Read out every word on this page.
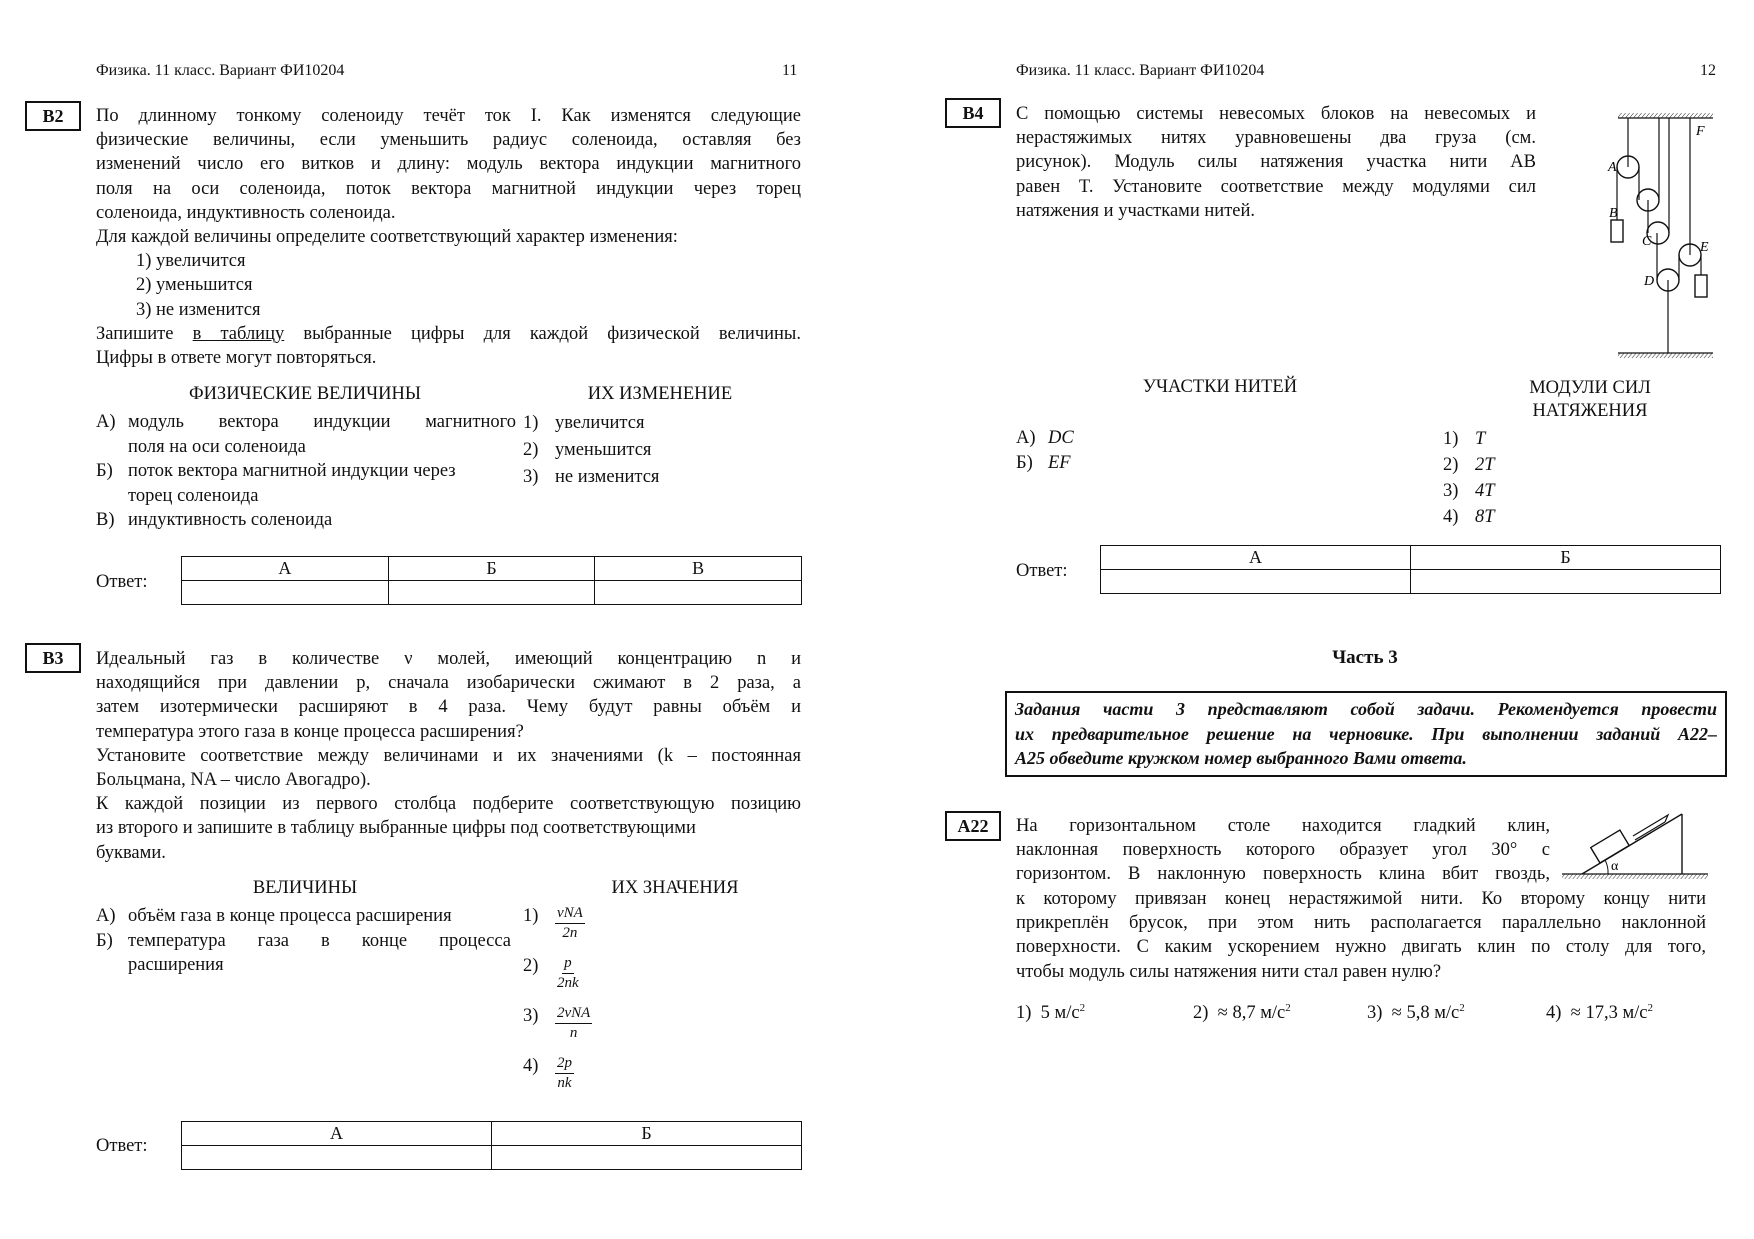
Физика. 11 класс. Вариант ФИ10204	11
В2	По длинному тонкому соленоиду течёт ток I. Как изменятся следующие
физические величины, если уменьшить радиус соленоида, оставляя без
изменений число его витков и длину: модуль вектора индукции магнитного
поля на оси соленоида, поток вектора магнитной индукции через торец
соленоида, индуктивность соленоида.
Для каждой величины определите соответствующий характер изменения:
1) увеличится
2) уменьшится
3) не изменится
Запишите в таблицу выбранные цифры для каждой физической величины.
Цифры в ответе могут повторяться.
ФИЗИЧЕСКИЕ ВЕЛИЧИНЫ	ИХ ИЗМЕНЕНИЕ
А) модуль вектора индукции магнитного
поля на оси соленоида
Б) поток вектора магнитной индукции через
торец соленоида
В) индуктивность соленоида
1) увеличится
2) уменьшится
3) не изменится
Ответ:
А	Б	В

В3	Идеальный газ в количестве ν молей, имеющий концентрацию n и
находящийся при давлении p, сначала изобарически сжимают в 2 раза, а
затем изотермически расширяют в 4 раза. Чему будут равны объём и
температура этого газа в конце процесса расширения?
Установите соответствие между величинами и их значениями (k – постоянная
Больцмана, NA – число Авогадро).
К каждой позиции из первого столбца подберите соответствующую позицию
из второго и запишите в таблицу выбранные цифры под соответствующими
буквами.
ВЕЛИЧИНЫ	ИХ ЗНАЧЕНИЯ
А) объём газа в конце процесса расширения
Б) температура газа в конце процесса
расширения
1)	$\frac{\text{νNA}}{2n}$
2)	$\frac{p}{2nk}$
3)	$\frac{\text{2νNA}}{n}$
4)	$\frac{2p}{nk}$
Ответ:
А	Б

Физика. 11 класс. Вариант ФИ10204	12
В4	С помощью системы невесомых блоков на невесомых и
нерастяжимых нитях уравновешены два груза (см.
рисунок). Модуль силы натяжения участка нити AB
равен T. Установите соответствие между модулями сил
натяжения и участками нитей.
A
B
C
D
E
F
УЧАСТКИ НИТЕЙ	МОДУЛИ СИЛ
НАТЯЖЕНИЯ
А) DC
Б) EF
1) T
2) 2T
3) 4T
4) 8T
Ответ:
А	Б

Часть 3
Задания части 3 представляют собой задачи. Рекомендуется провести
их предварительное решение на черновике. При выполнении заданий А22–
А25 обведите кружком номер выбранного Вами ответа.
А22	На горизонтальном столе находится гладкий клин,
наклонная поверхность которого образует угол 30° с
горизонтом. В наклонную поверхность клина вбит гвоздь,
к которому привязан конец нерастяжимой нити. Ко второму концу нити
прикреплён брусок, при этом нить располагается параллельно наклонной
поверхности. С каким ускорением нужно двигать клин по столу для того,
чтобы модуль силы натяжения нити стал равен нулю?
α
1) 5 $м/с^2$	2) ≈ 8,7 $м/с^2$	3) ≈ 5,8 $м/с^2$	4) ≈ 17,3 $м/с^2$
